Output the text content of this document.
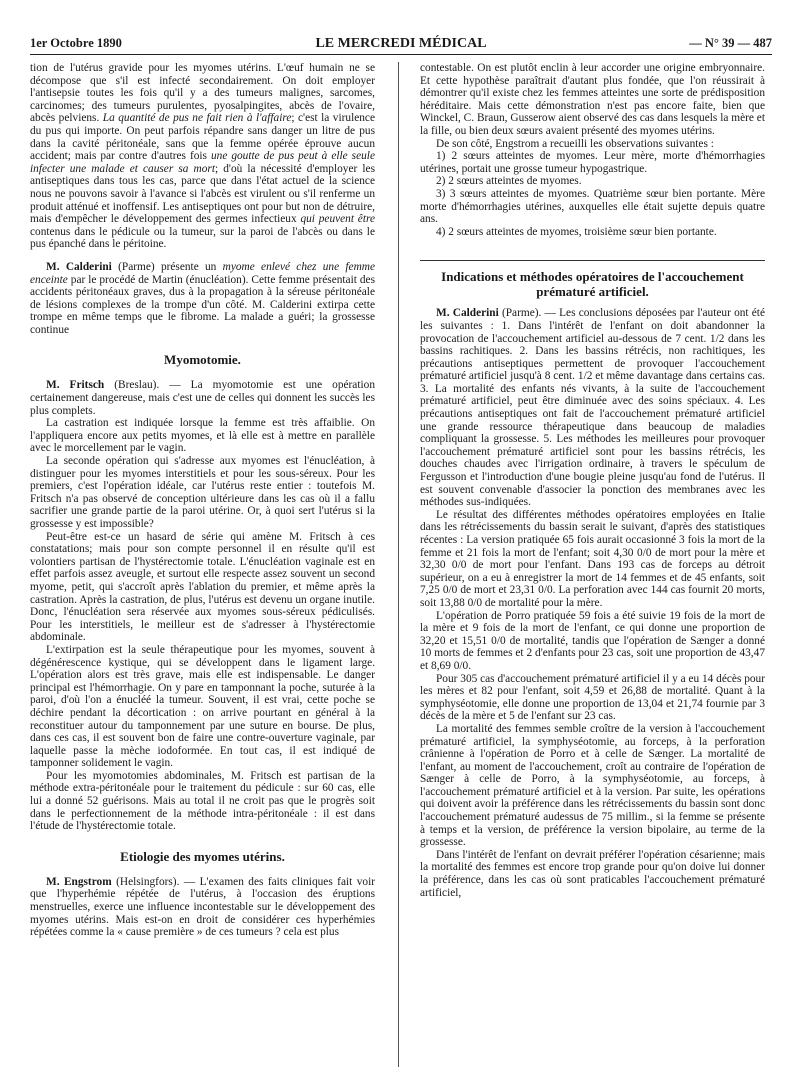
1er Octobre 1890	LE MERCREDI MÉDICAL	— N° 39 — 487

tion de l'utérus gravide pour les myomes utérins. L'œuf humain ne se décompose que s'il est infecté secondairement. On doit employer l'antisepsie toutes les fois qu'il y a des tumeurs malignes, sarcomes, carcinomes; des tumeurs purulentes, pyosalpingites, abcès de l'ovaire, abcès pelviens. La quantité de pus ne fait rien à l'affaire; c'est la virulence du pus qui importe. On peut parfois répandre sans danger un litre de pus dans la cavité péritonéale, sans que la femme opérée éprouve aucun accident; mais par contre d'autres fois une goutte de pus peut à elle seule infecter une malade et causer sa mort; d'où la nécessité d'employer les antiseptiques dans tous les cas, parce que dans l'état actuel de la science nous ne pouvons savoir à l'avance si l'abcès est virulent ou s'il renferme un produit atténué et inoffensif. Les antiseptiques ont pour but non de détruire, mais d'empêcher le développement des germes infectieux qui peuvent être contenus dans le pédicule ou la tumeur, sur la paroi de l'abcès ou dans le pus épanché dans le péritoine.

M. Calderini (Parme) présente un myome enlevé chez une femme enceinte par le procédé de Martin (énucléation). Cette femme présentait des accidents péritonéaux graves, dus à la propagation à la séreuse péritonéale de lésions complexes de la trompe d'un côté. M. Calderini extirpa cette trompe en même temps que le fibrome. La malade a guéri; la grossesse continue

Myomotomie.

M. Fritsch (Breslau). — La myomotomie est une opération certainement dangereuse, mais c'est une de celles qui donnent les succès les plus complets.

La castration est indiquée lorsque la femme est très affaiblie. On l'appliquera encore aux petits myomes, et là elle est à mettre en parallèle avec le morcellement par le vagin.

La seconde opération qui s'adresse aux myomes est l'énucléation, à distinguer pour les myomes interstitiels et pour les sous-séreux. Pour les premiers, c'est l'opération idéale, car l'utérus reste entier : toutefois M. Fritsch n'a pas observé de conception ultérieure dans les cas où il a fallu sacrifier une grande partie de la paroi utérine. Or, à quoi sert l'utérus si la grossesse y est impossible?

Peut-être est-ce un hasard de série qui amène M. Fritsch à ces constatations; mais pour son compte personnel il en résulte qu'il est volontiers partisan de l'hystérectomie totale. L'énucléation vaginale est en effet parfois assez aveugle, et surtout elle respecte assez souvent un second myome, petit, qui s'accroît après l'ablation du premier, et même après la castration. Après la castration, de plus, l'utérus est devenu un organe inutile. Donc, l'énucléation sera réservée aux myomes sous-séreux pédiculisés. Pour les interstitiels, le meilleur est de s'adresser à l'hystérectomie abdominale.

L'extirpation est la seule thérapeutique pour les myomes, souvent à dégénérescence kystique, qui se développent dans le ligament large. L'opération alors est très grave, mais elle est indispensable. Le danger principal est l'hémorrhagie. On y pare en tamponnant la poche, suturée à la paroi, d'où l'on a énucléé la tumeur. Souvent, il est vrai, cette poche se déchire pendant la décortication : on arrive pourtant en général à la reconstituer autour du tamponnement par une suture en bourse. De plus, dans ces cas, il est souvent bon de faire une contre-ouverture vaginale, par laquelle passe la mèche iodoformée. En tout cas, il est indiqué de tamponner solidement le vagin.

Pour les myomotomies abdominales, M. Fritsch est partisan de la méthode extra-péritonéale pour le traitement du pédicule : sur 60 cas, elle lui a donné 52 guérisons. Mais au total il ne croit pas que le progrès soit dans le perfectionnement de la méthode intra-péritonéale : il est dans l'étude de l'hystérectomie totale.

Etiologie des myomes utérins.

M. Engstrom (Helsingfors). — L'examen des faits cliniques fait voir que l'hyperhémie répétée de l'utérus, à l'occasion des éruptions menstruelles, exerce une influence incontestable sur le développement des myomes utérins. Mais est-on en droit de considérer ces hyperhémies répétées comme la « cause première » de ces tumeurs ? cela est plus

contestable. On est plutôt enclin à leur accorder une origine embryonnaire. Et cette hypothèse paraîtrait d'autant plus fondée, que l'on réussirait à démontrer qu'il existe chez les femmes atteintes une sorte de prédisposition héréditaire. Mais cette démonstration n'est pas encore faite, bien que Winckel, C. Braun, Gusserow aient observé des cas dans lesquels la mère et la fille, ou bien deux sœurs avaient présenté des myomes utérins.

De son côté, Engstrom a recueilli les observations suivantes :

1) 2 sœurs atteintes de myomes. Leur mère, morte d'hémorrhagies utérines, portait une grosse tumeur hypogastrique.

2) 2 sœurs atteintes de myomes.

3) 3 sœurs atteintes de myomes. Quatrième sœur bien portante. Mère morte d'hémorrhagies utérines, auxquelles elle était sujette depuis quatre ans.

4) 2 sœurs atteintes de myomes, troisième sœur bien portante.

Indications et méthodes opératoires de l'accouchement prématuré artificiel.

M. Calderini (Parme). — Les conclusions déposées par l'auteur ont été les suivantes : 1. Dans l'intérêt de l'enfant on doit abandonner la provocation de l'accouchement artificiel au-dessous de 7 cent. 1/2 dans les bassins rachitiques. 2. Dans les bassins rétrécis, non rachitiques, les précautions antiseptiques permettent de provoquer l'accouchement prématuré artificiel jusqu'à 8 cent. 1/2 et même davantage dans certains cas. 3. La mortalité des enfants nés vivants, à la suite de l'accouchement prématuré artificiel, peut être diminuée avec des soins spéciaux. 4. Les précautions antiseptiques ont fait de l'accouchement prématuré artificiel une grande ressource thérapeutique dans beaucoup de maladies compliquant la grossesse. 5. Les méthodes les meilleures pour provoquer l'accouchement prématuré artificiel sont pour les bassins rétrécis, les douches chaudes avec l'irrigation ordinaire, à travers le spéculum de Fergusson et l'introduction d'une bougie pleine jusqu'au fond de l'utérus. Il est souvent convenable d'associer la ponction des membranes avec les méthodes sus-indiquées.

Le résultat des différentes méthodes opératoires employées en Italie dans les rétrécissements du bassin serait le suivant, d'après des statistiques récentes : La version pratiquée 65 fois aurait occasionné 3 fois la mort de la femme et 21 fois la mort de l'enfant; soit 4,30 0/0 de mort pour la mère et 32,30 0/0 de mort pour l'enfant. Dans 193 cas de forceps au détroit supérieur, on a eu à enregistrer la mort de 14 femmes et de 45 enfants, soit 7,25 0/0 de mort et 23,31 0/0. La perforation avec 144 cas fournit 20 morts, soit 13,88 0/0 de mortalité pour la mère.

L'opération de Porro pratiquée 59 fois a été suivie 19 fois de la mort de la mère et 9 fois de la mort de l'enfant, ce qui donne une proportion de 32,20 et 15,51 0/0 de mortalité, tandis que l'opération de Sænger a donné 10 morts de femmes et 2 d'enfants pour 23 cas, soit une proportion de 43,47 et 8,69 0/0.

Pour 305 cas d'accouchement prématuré artificiel il y a eu 14 décès pour les mères et 82 pour l'enfant, soit 4,59 et 26,88 de mortalité. Quant à la symphyséotomie, elle donne une proportion de 13,04 et 21,74 fournie par 3 décès de la mère et 5 de l'enfant sur 23 cas.

La mortalité des femmes semble croître de la version à l'accouchement prématuré artificiel, la symphyséotomie, au forceps, à la perforation crânienne à l'opération de Porro et à celle de Sænger. La mortalité de l'enfant, au moment de l'accouchement, croît au contraire de l'opération de Sænger à celle de Porro, à la symphyséotomie, au forceps, à l'accouchement prématuré artificiel et à la version. Par suite, les opérations qui doivent avoir la préférence dans les rétrécissements du bassin sont donc l'accouchement prématuré audessus de 75 millim., si la femme se présente à temps et la version, de préférence la version bipolaire, au terme de la grossesse.

Dans l'intérêt de l'enfant on devrait préférer l'opération césarienne; mais la mortalité des femmes est encore trop grande pour qu'on doive lui donner la préférence, dans les cas où sont praticables l'accouchement prématuré artificiel,
